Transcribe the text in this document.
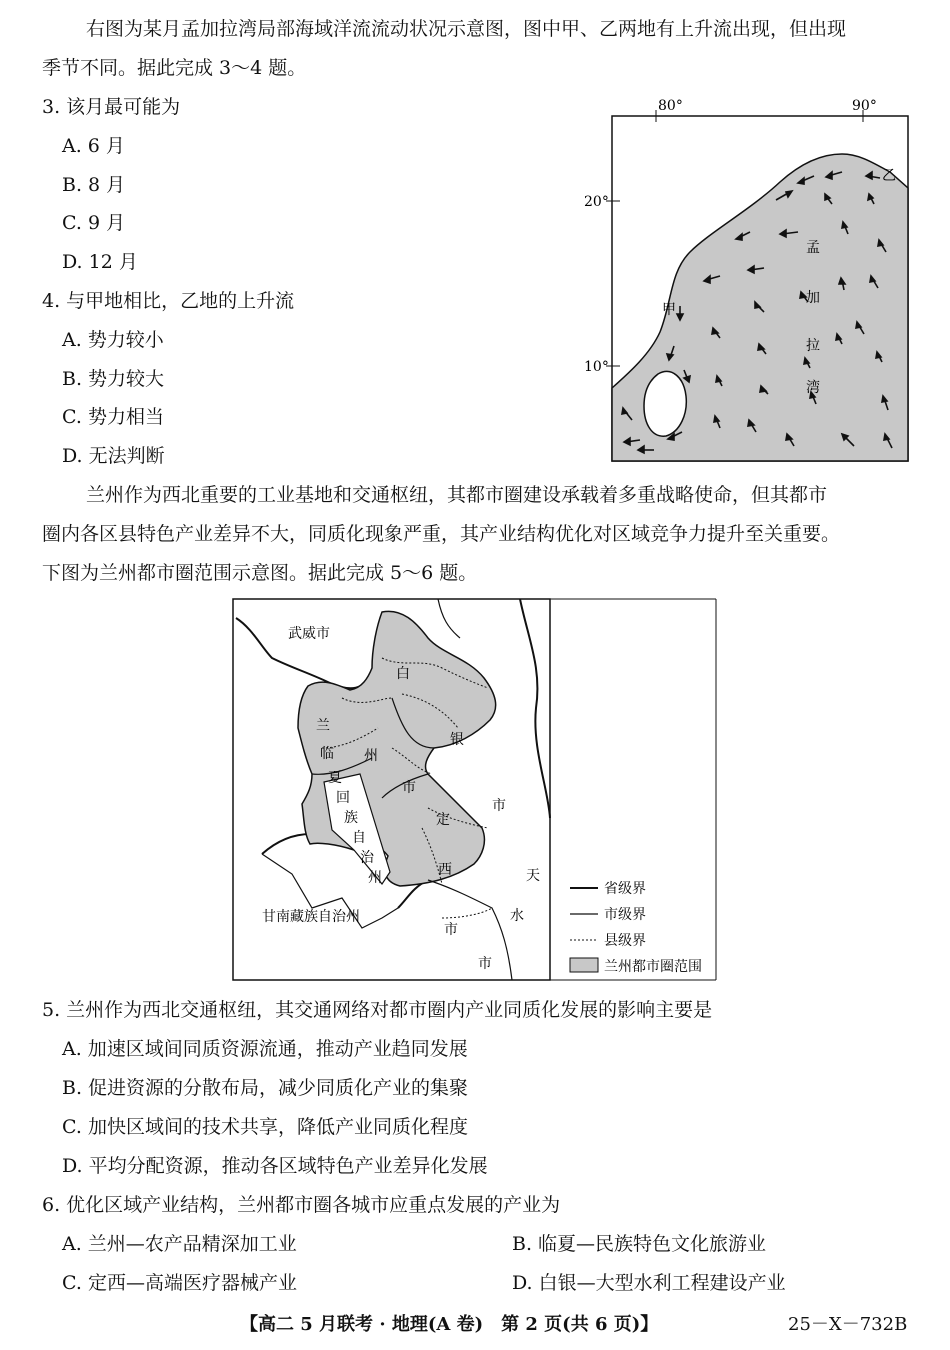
右图为某月孟加拉湾局部海域洋流流动状况示意图，图中甲、乙两地有上升流出现，但出现
季节不同。据此完成 3～4 题。
3. 该月最可能为
A. 6 月
B. 8 月
C. 9 月
D. 12 月
4. 与甲地相比，乙地的上升流
A. 势力较小
B. 势力较大
C. 势力相当
D. 无法判断
80°	90°
20°
10°
乙
甲
孟
加
拉
湾
兰州作为西北重要的工业基地和交通枢纽，其都市圈建设承载着多重战略使命，但其都市
圈内各区县特色产业差异不大，同质化现象严重，其产业结构优化对区域竞争力提升至关重要。
下图为兰州都市圈范围示意图。据此完成 5～6 题。
武威市
甘南藏族自治州
白
银
兰
州
市
临
夏
回
族
自
治
州
定
西
市
天
水
市
市
省级界
市级界
县级界
兰州都市圈范围
5. 兰州作为西北交通枢纽，其交通网络对都市圈内产业同质化发展的影响主要是
A. 加速区域间同质资源流通，推动产业趋同发展
B. 促进资源的分散布局，减少同质化产业的集聚
C. 加快区域间的技术共享，降低产业同质化程度
D. 平均分配资源，推动各区域特色产业差异化发展
6. 优化区域产业结构，兰州都市圈各城市应重点发展的产业为
A. 兰州—农产品精深加工业	B. 临夏—民族特色文化旅游业
C. 定西—高端医疗器械产业	D. 白银—大型水利工程建设产业
【高二 5 月联考 · 地理(A 卷)　第 2 页(共 6 页)】	25－X－732B
